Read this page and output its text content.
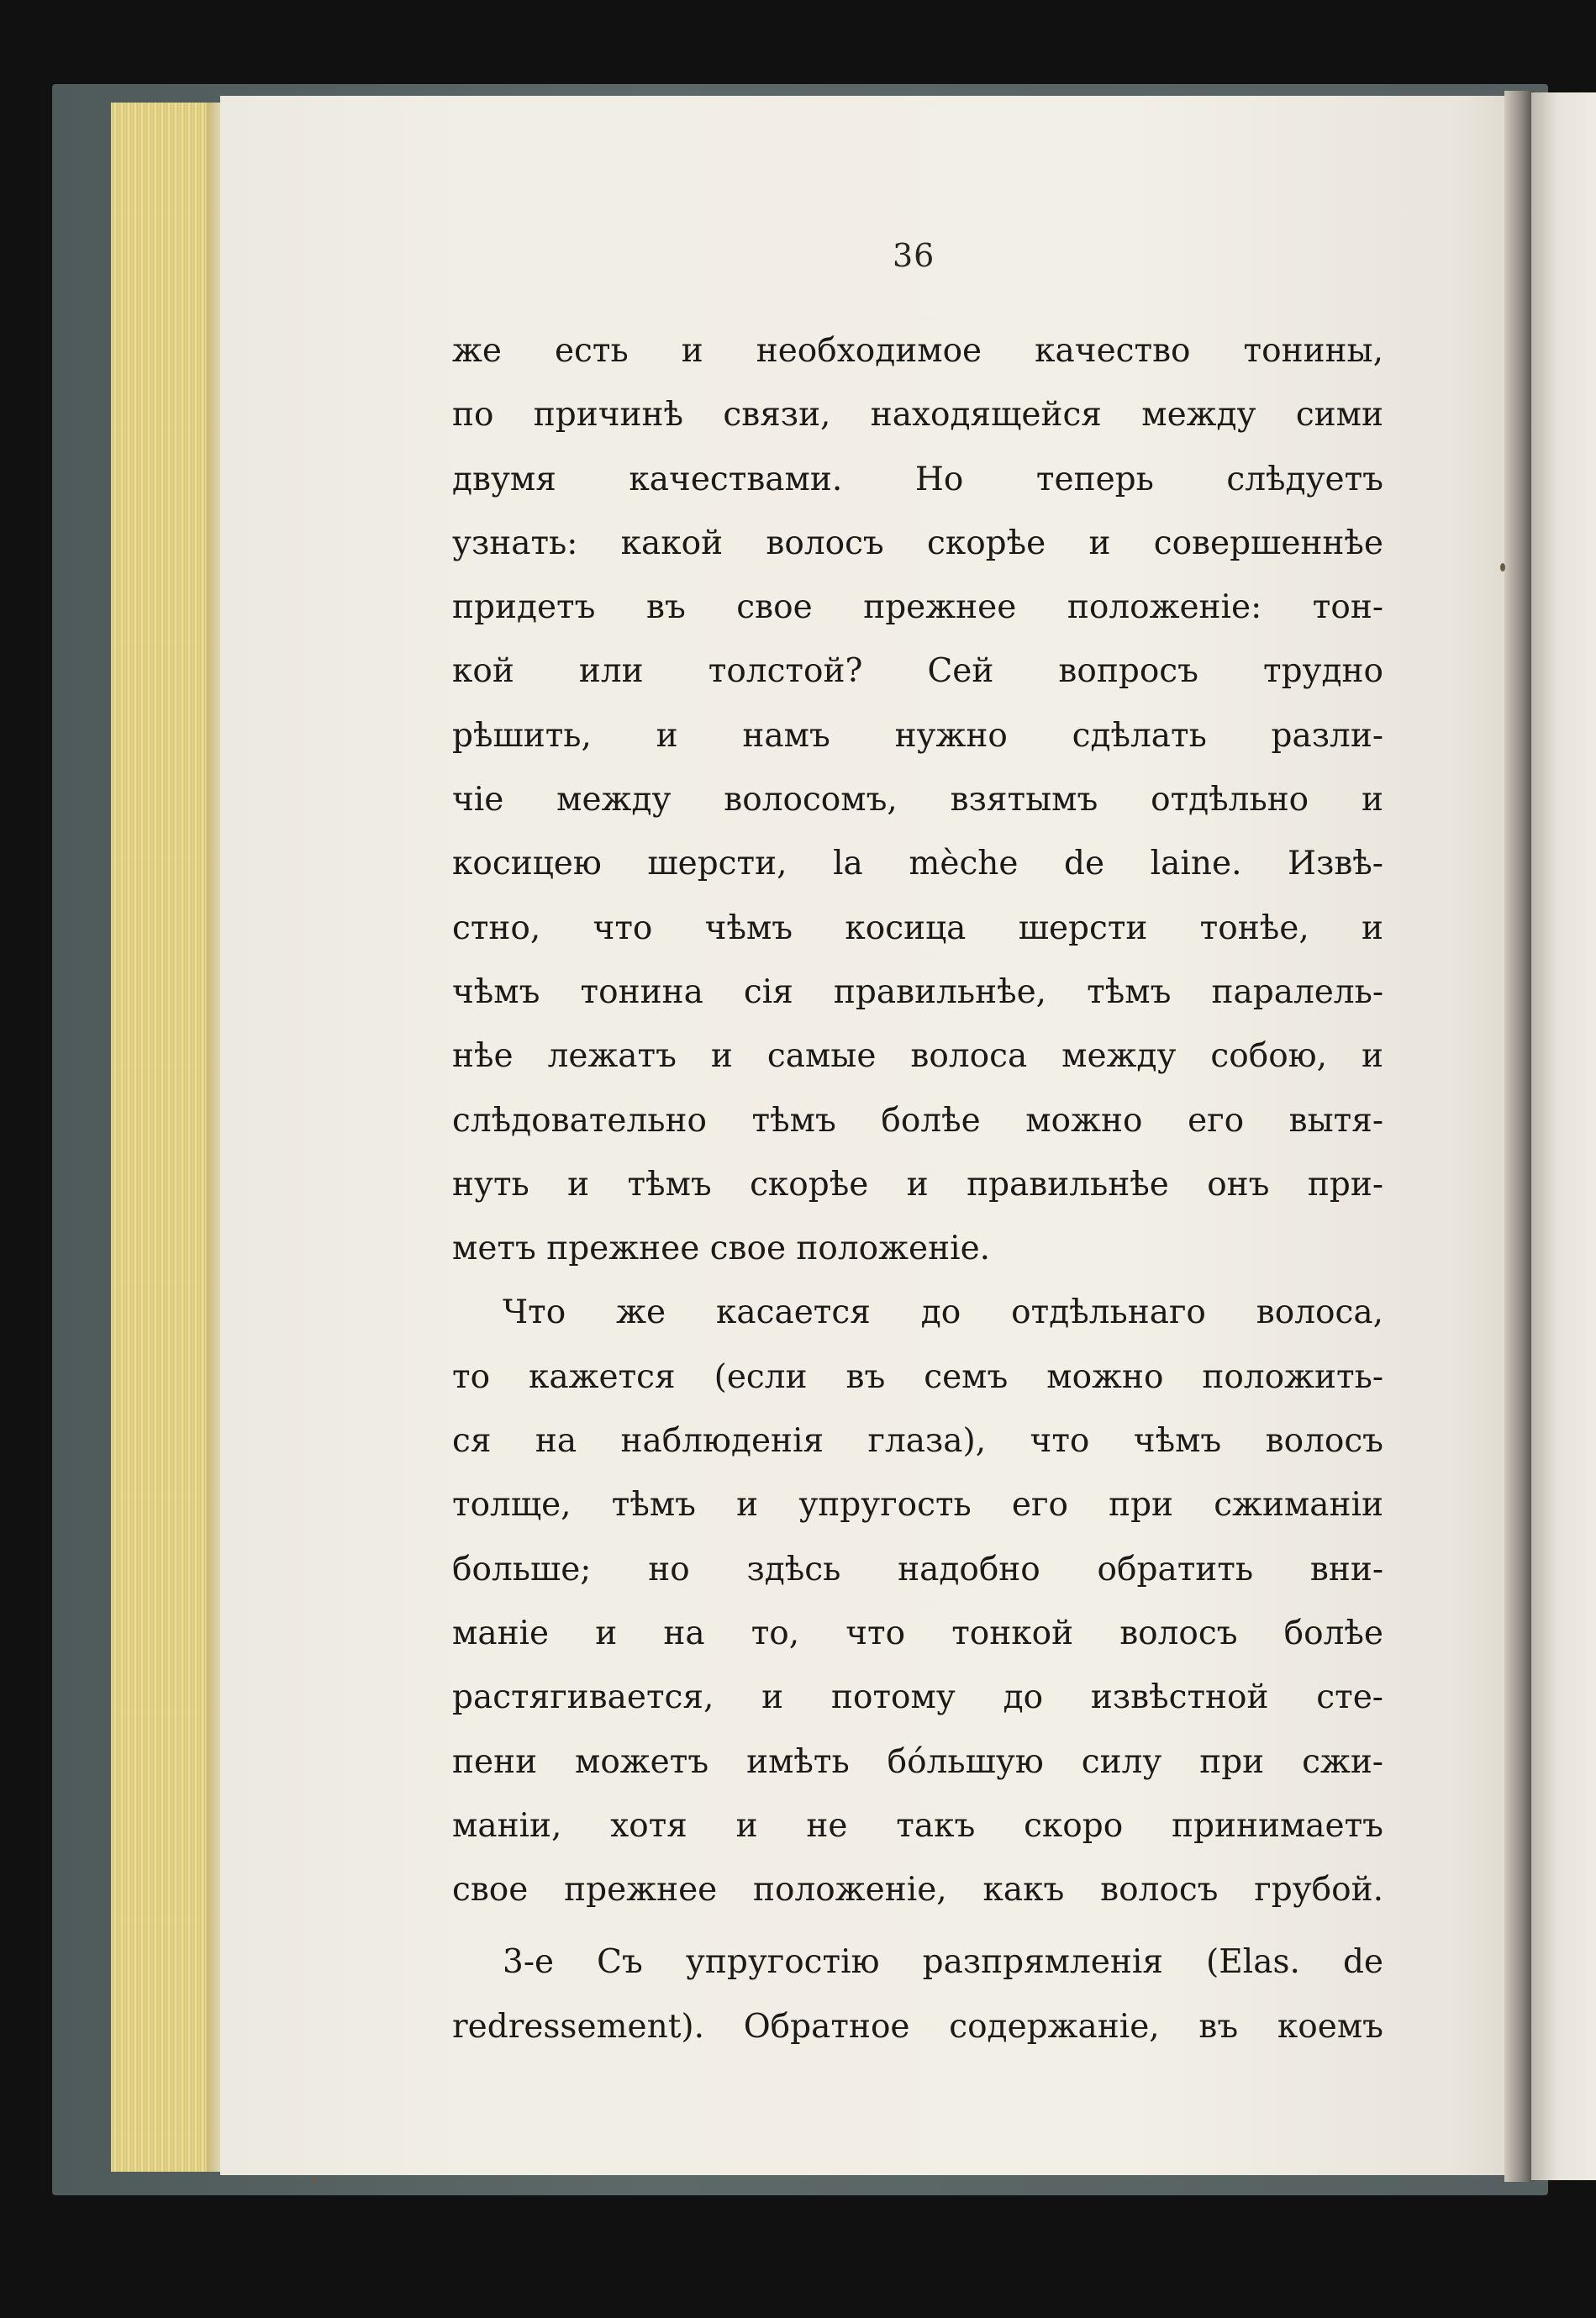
36
же есть и необходимое качество тонины,
по причинѣ связи, находящейся между сими
двумя качествами. Но теперь слѣдуетъ
узнать: какой волосъ скорѣе и совершеннѣе
придетъ въ свое прежнее положеніе: тон-
кой или толстой? Сей вопросъ трудно
рѣшить, и намъ нужно сдѣлать разли-
чіе между волосомъ, взятымъ отдѣльно и
косицею шерсти, la mèche de laine. Извѣ-
стно, что чѣмъ косица шерсти тонѣе, и
чѣмъ тонина сія правильнѣе, тѣмъ паралель-
нѣе лежатъ и самые волоса между собою, и
слѣдовательно тѣмъ болѣе можно его вытя-
нуть и тѣмъ скорѣе и правильнѣе онъ при-
метъ прежнее свое положеніе.
Что же касается до отдѣльнаго волоса,
то кажется (если въ семъ можно положить-
ся на наблюденія глаза), что чѣмъ волосъ
толще, тѣмъ и упругость его при сжиманіи
больше; но здѣсь надобно обратить вни-
маніе и на то, что тонкой волосъ болѣе
растягивается, и потому до извѣстной сте-
пени можетъ имѣть бóльшую силу при сжи-
маніи, хотя и не такъ скоро принимаетъ
свое прежнее положеніе, какъ волосъ грубой.
3-е Съ упругостію разпрямленія (Elas. de
redressement). Обратное содержаніе, въ коемъ
